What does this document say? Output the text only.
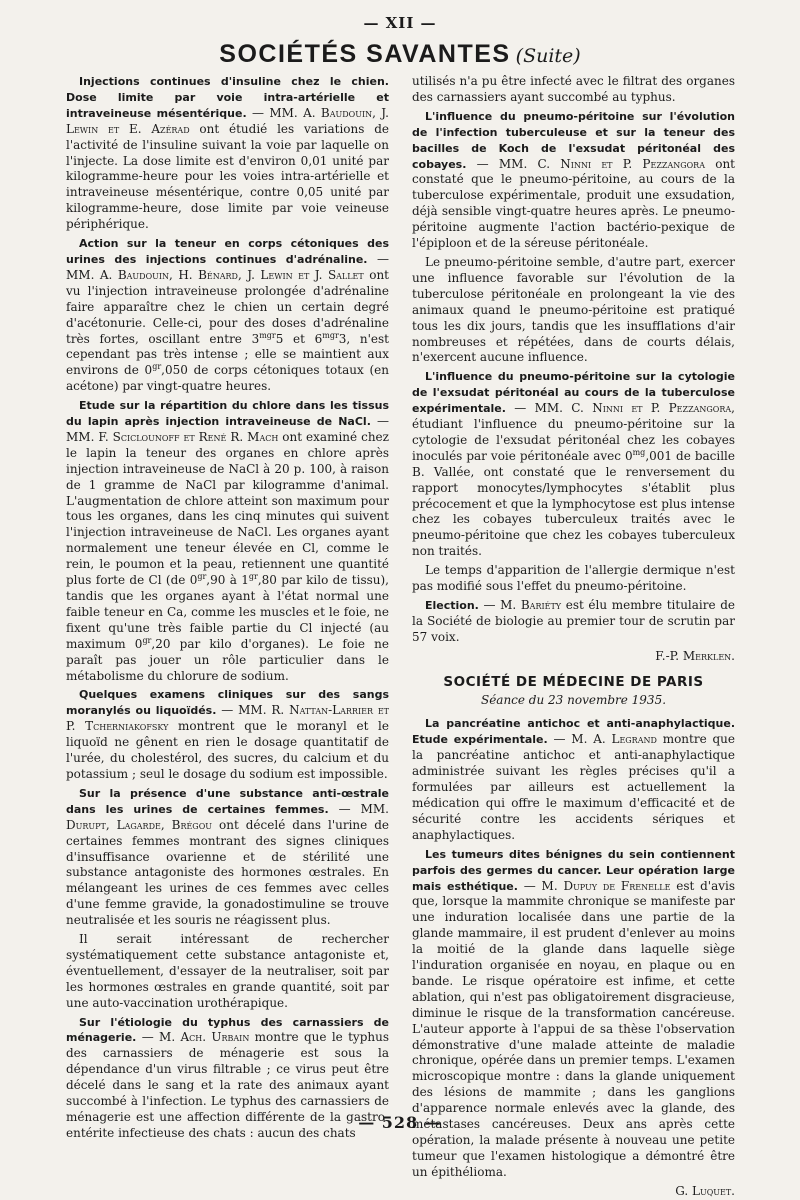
— XII —
SOCIÉTÉS SAVANTES (Suite)

Injections continues d'insuline chez le chien. Dose limite par voie intra-artérielle et intraveineuse mésentérique. — MM. A. Baudouin, J. Lewin et E. Azérad ont étudié les variations de l'activité de l'insuline suivant la voie par laquelle on l'injecte. La dose limite est d'environ 0,01 unité par kilogramme-heure pour les voies intra-artérielle et intraveineuse mésentérique, contre 0,05 unité par kilogramme-heure, dose limite par voie veineuse périphérique.

Action sur la teneur en corps cétoniques des urines des injections continues d'adrénaline. — MM. A. Baudouin, H. Bénard, J. Lewin et J. Sallet ont vu l'injection intraveineuse prolongée d'adrénaline faire apparaître chez le chien un certain degré d'acétonurie. Celle-ci, pour des doses d'adrénaline très fortes, oscillant entre $3^{mgr}5$ et $6^{mgr}3$, n'est cependant pas très intense ; elle se maintient aux environs de $0^{gr},050$ de corps cétoniques totaux (en acétone) par vingt-quatre heures.

Etude sur la répartition du chlore dans les tissus du lapin après injection intraveineuse de NaCl. — MM. F. Sciclounoff et René R. Mach ont examiné chez le lapin la teneur des organes en chlore après injection intraveineuse de NaCl à 20 p. 100, à raison de 1 gramme de NaCl par kilogramme d'animal. L'augmentation de chlore atteint son maximum pour tous les organes, dans les cinq minutes qui suivent l'injection intraveineuse de NaCl. Les organes ayant normalement une teneur élevée en Cl, comme le rein, le poumon et la peau, retiennent une quantité plus forte de Cl (de $0^{gr},90$ à $1^{gr},80$ par kilo de tissu), tandis que les organes ayant à l'état normal une faible teneur en Ca, comme les muscles et le foie, ne fixent qu'une très faible partie du Cl injecté (au maximum $0^{gr},20$ par kilo d'organes). Le foie ne paraît pas jouer un rôle particulier dans le métabolisme du chlorure de sodium.

Quelques examens cliniques sur des sangs moranylés ou liquoïdés. — MM. R. Nattan-Larrier et P. Tcherniakofsky montrent que le moranyl et le liquoïd ne gênent en rien le dosage quantitatif de l'urée, du cholestérol, des sucres, du calcium et du potassium ; seul le dosage du sodium est impossible.

Sur la présence d'une substance anti-œstrale dans les urines de certaines femmes. — MM. Durupt, Lagarde, Brégou ont décelé dans l'urine de certaines femmes montrant des signes cliniques d'insuffisance ovarienne et de stérilité une substance antagoniste des hormones œstrales. En mélangeant les urines de ces femmes avec celles d'une femme gravide, la gonadostimuline se trouve neutralisée et les souris ne réagissent plus.

Il serait intéressant de rechercher systématiquement cette substance antagoniste et, éventuellement, d'essayer de la neutraliser, soit par les hormones œstrales en grande quantité, soit par une auto-vaccination urothérapique.

Sur l'étiologie du typhus des carnassiers de ménagerie. — M. Ach. Urbain montre que le typhus des carnassiers de ménagerie est sous la dépendance d'un virus filtrable ; ce virus peut être décelé dans le sang et la rate des animaux ayant succombé à l'infection. Le typhus des carnassiers de ménagerie est une affection différente de la gastro-entérite infectieuse des chats : aucun des chats

utilisés n'a pu être infecté avec le filtrat des organes des carnassiers ayant succombé au typhus.

L'influence du pneumo-péritoine sur l'évolution de l'infection tuberculeuse et sur la teneur des bacilles de Koch de l'exsudat péritonéal des cobayes. — MM. C. Ninni et P. Pezzangora ont constaté que le pneumo-péritoine, au cours de la tuberculose expérimentale, produit une exsudation, déjà sensible vingt-quatre heures après. Le pneumo-péritoine augmente l'action bactério-pexique de l'épiploon et de la séreuse péritonéale.

Le pneumo-péritoine semble, d'autre part, exercer une influence favorable sur l'évolution de la tuberculose péritonéale en prolongeant la vie des animaux quand le pneumo-péritoine est pratiqué tous les dix jours, tandis que les insufflations d'air nombreuses et répétées, dans de courts délais, n'exercent aucune influence.

L'influence du pneumo-péritoine sur la cytologie de l'exsudat péritonéal au cours de la tuberculose expérimentale. — MM. C. Ninni et P. Pezzangora, étudiant l'influence du pneumo-péritoine sur la cytologie de l'exsudat péritonéal chez les cobayes inoculés par voie péritonéale avec $0^{mg},001$ de bacille B. Vallée, ont constaté que le renversement du rapport monocytes/lymphocytes s'établit plus précocement et que la lymphocytose est plus intense chez les cobayes tuberculeux traités avec le pneumo-péritoine que chez les cobayes tuberculeux non traités.

Le temps d'apparition de l'allergie dermique n'est pas modifié sous l'effet du pneumo-péritoine.

Election. — M. Bariéty est élu membre titulaire de la Société de biologie au premier tour de scrutin par 57 voix.

F.-P. Merklen.
SOCIÉTÉ DE MÉDECINE DE PARIS
Séance du 23 novembre 1935.

La pancréatine antichoc et anti-anaphylactique. Etude expérimentale. — M. A. Legrand montre que la pancréatine antichoc et anti-anaphylactique administrée suivant les règles précises qu'il a formulées par ailleurs est actuellement la médication qui offre le maximum d'efficacité et de sécurité contre les accidents sériques et anaphylactiques.

Les tumeurs dites bénignes du sein contiennent parfois des germes du cancer. Leur opération large mais esthétique. — M. Dupuy de Frenelle est d'avis que, lorsque la mammite chronique se manifeste par une induration localisée dans une partie de la glande mammaire, il est prudent d'enlever au moins la moitié de la glande dans laquelle siège l'induration organisée en noyau, en plaque ou en bande. Le risque opératoire est infime, et cette ablation, qui n'est pas obligatoirement disgracieuse, diminue le risque de la transformation cancéreuse. L'auteur apporte à l'appui de sa thèse l'observation démonstrative d'une malade atteinte de maladie chronique, opérée dans un premier temps. L'examen microscopique montre : dans la glande uniquement des lésions de mammite ; dans les ganglions d'apparence normale enlevés avec la glande, des métastases cancéreuses. Deux ans après cette opération, la malade présente à nouveau une petite tumeur que l'examen histologique a démontré être un épithélioma.

G. Luquet.
— 528 —
